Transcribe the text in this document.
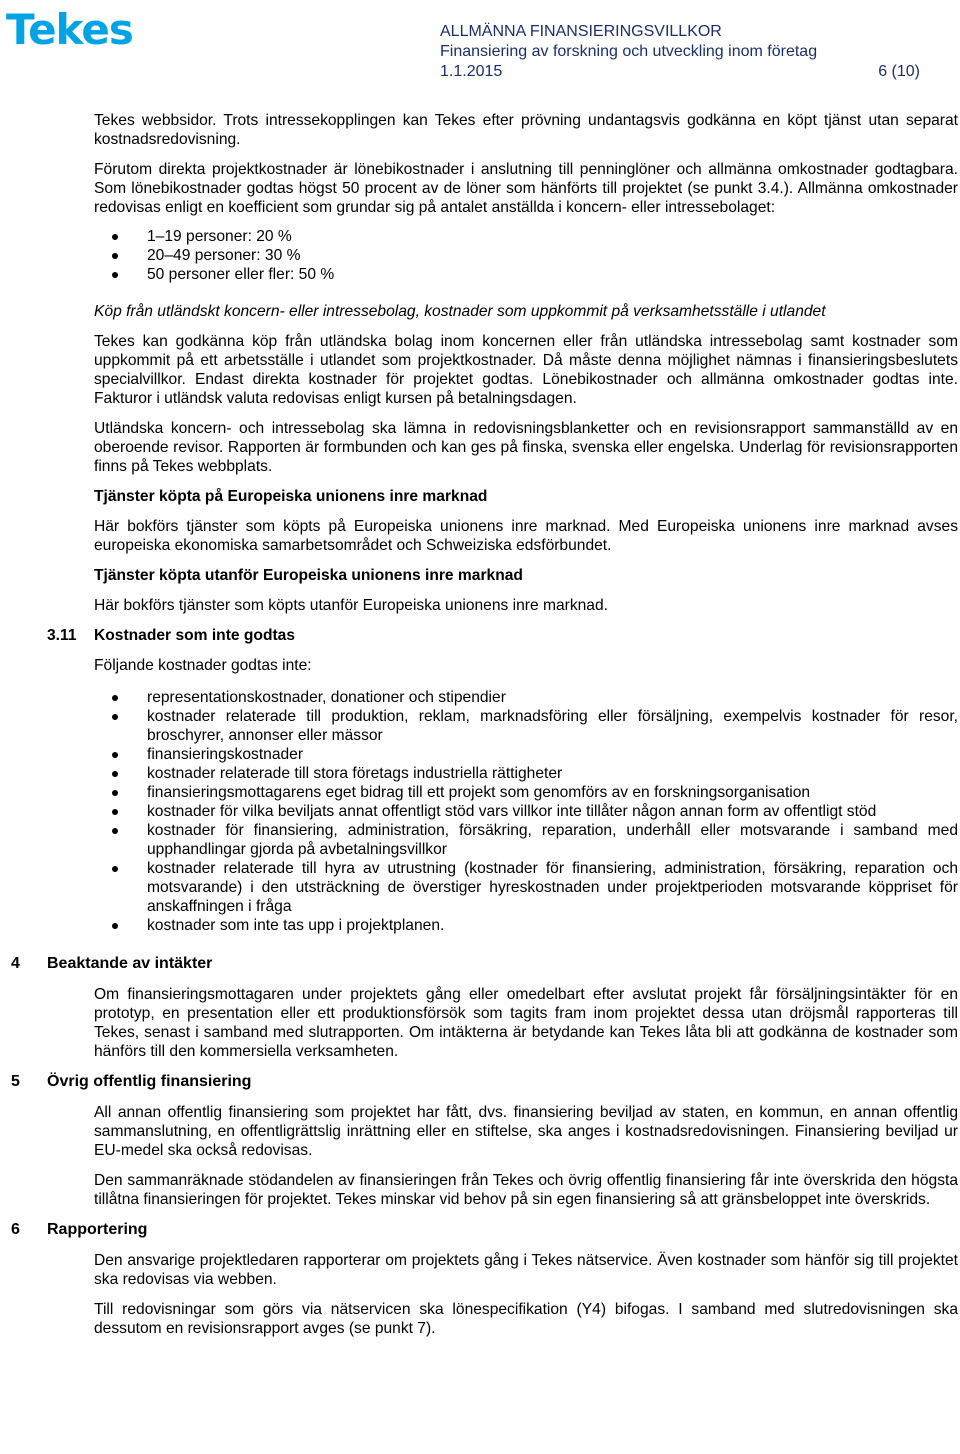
Tekes	ALLMÄNNA FINANSIERINGSVILLKOR
Finansiering av forskning och utveckling inom företag
1.1.2015	6 (10)

Tekes webbsidor. Trots intressekopplingen kan Tekes efter prövning undantagsvis godkänna en köpt tjänst utan separat kostnadsredovisning.

Förutom direkta projektkostnader är lönebikostnader i anslutning till penninglöner och allmänna omkostnader godtagbara. Som lönebikostnader godtas högst 50 procent av de löner som hänförts till projektet (se punkt 3.4.). Allmänna omkostnader redovisas enligt en koefficient som grundar sig på antalet anställda i koncern- eller intressebolaget:

1–19 personer: 20 %
20–49 personer: 30 %
50 personer eller fler: 50 %

Köp från utländskt koncern- eller intressebolag, kostnader som uppkommit på verksamhetsställe i utlandet

Tekes kan godkänna köp från utländska bolag inom koncernen eller från utländska intressebolag samt kostnader som uppkommit på ett arbetsställe i utlandet som projektkostnader. Då måste denna möjlighet nämnas i finansieringsbeslutets specialvillkor. Endast direkta kostnader för projektet godtas. Lönebikostnader och allmänna omkostnader godtas inte. Fakturor i utländsk valuta redovisas enligt kursen på betalningsdagen.

Utländska koncern- och intressebolag ska lämna in redovisningsblanketter och en revisionsrapport sammanställd av en oberoende revisor. Rapporten är formbunden och kan ges på finska, svenska eller engelska. Underlag för revisionsrapporten finns på Tekes webbplats.

Tjänster köpta på Europeiska unionens inre marknad

Här bokförs tjänster som köpts på Europeiska unionens inre marknad. Med Europeiska unionens inre marknad avses europeiska ekonomiska samarbetsområdet och Schweiziska edsförbundet.

Tjänster köpta utanför Europeiska unionens inre marknad

Här bokförs tjänster som köpts utanför Europeiska unionens inre marknad.

3.11 Kostnader som inte godtas

Följande kostnader godtas inte:

representationskostnader, donationer och stipendier
kostnader relaterade till produktion, reklam, marknadsföring eller försäljning, exempelvis kostnader för resor, broschyrer, annonser eller mässor
finansieringskostnader
kostnader relaterade till stora företags industriella rättigheter
finansieringsmottagarens eget bidrag till ett projekt som genomförs av en forskningsorganisation
kostnader för vilka beviljats annat offentligt stöd vars villkor inte tillåter någon annan form av offentligt stöd
kostnader för finansiering, administration, försäkring, reparation, underhåll eller motsvarande i samband med upphandlingar gjorda på avbetalningsvillkor
kostnader relaterade till hyra av utrustning (kostnader för finansiering, administration, försäkring, reparation och motsvarande) i den utsträckning de överstiger hyreskostnaden under projektperioden motsvarande köppriset för anskaffningen i fråga
kostnader som inte tas upp i projektplanen.
4 Beaktande av intäkter

Om finansieringsmottagaren under projektets gång eller omedelbart efter avslutat projekt får försäljningsintäkter för en prototyp, en presentation eller ett produktionsförsök som tagits fram inom projektet dessa utan dröjsmål rapporteras till Tekes, senast i samband med slutrapporten. Om intäkterna är betydande kan Tekes låta bli att godkänna de kostnader som hänförs till den kommersiella verksamheten.

5 Övrig offentlig finansiering

All annan offentlig finansiering som projektet har fått, dvs. finansiering beviljad av staten, en kommun, en annan offentlig sammanslutning, en offentligrättslig inrättning eller en stiftelse, ska anges i kostnadsredovisningen. Finansiering beviljad ur EU-medel ska också redovisas.

Den sammanräknade stödandelen av finansieringen från Tekes och övrig offentlig finansiering får inte överskrida den högsta tillåtna finansieringen för projektet. Tekes minskar vid behov på sin egen finansiering så att gränsbeloppet inte överskrids.

6 Rapportering

Den ansvarige projektledaren rapporterar om projektets gång i Tekes nätservice. Även kostnader som hänför sig till projektet ska redovisas via webben.

Till redovisningar som görs via nätservicen ska lönespecifikation (Y4) bifogas. I samband med slutredovisningen ska dessutom en revisionsrapport avges (se punkt 7).
